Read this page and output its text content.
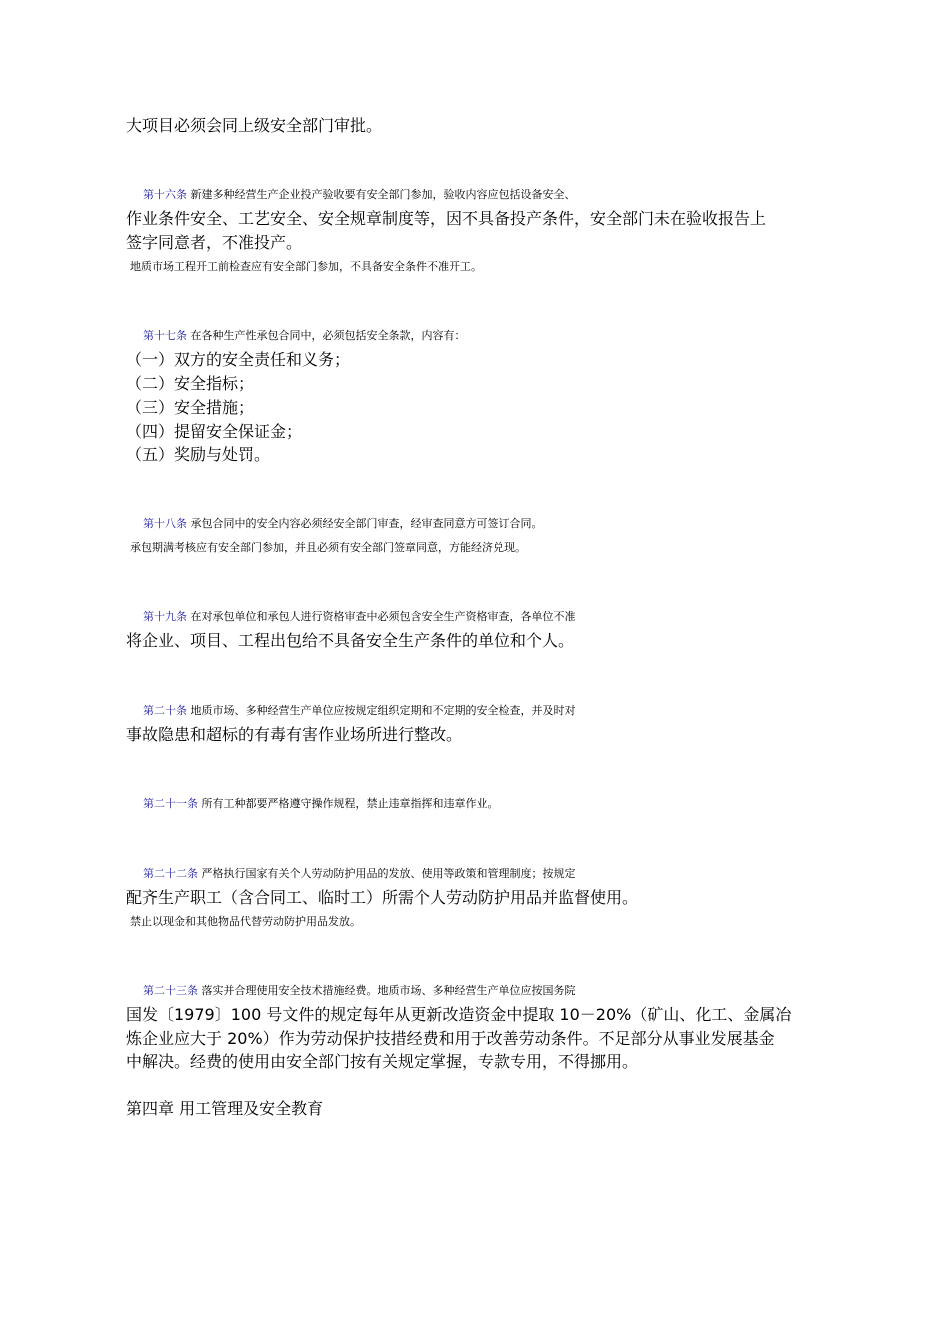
大项目必须会同上级安全部门审批。
第十六条 新建多种经营生产企业投产验收要有安全部门参加，验收内容应包括设备安全、
作业条件安全、工艺安全、安全规章制度等，因不具备投产条件，安全部门未在验收报告上
签字同意者，不准投产。
地质市场工程开工前检查应有安全部门参加，不具备安全条件不准开工。
第十七条 在各种生产性承包合同中，必须包括安全条款，内容有：
（一）双方的安全责任和义务；
（二）安全指标；
（三）安全措施；
（四）提留安全保证金；
（五）奖励与处罚。
第十八条 承包合同中的安全内容必须经安全部门审查，经审查同意方可签订合同。
承包期满考核应有安全部门参加，并且必须有安全部门签章同意，方能经济兑现。
第十九条 在对承包单位和承包人进行资格审查中必须包含安全生产资格审查，各单位不准
将企业、项目、工程出包给不具备安全生产条件的单位和个人。
第二十条 地质市场、多种经营生产单位应按规定组织定期和不定期的安全检查，并及时对
事故隐患和超标的有毒有害作业场所进行整改。
第二十一条 所有工种都要严格遵守操作规程，禁止违章指挥和违章作业。
第二十二条 严格执行国家有关个人劳动防护用品的发放、使用等政策和管理制度；按规定
配齐生产职工（含合同工、临时工）所需个人劳动防护用品并监督使用。
禁止以现金和其他物品代替劳动防护用品发放。
第二十三条 落实并合理使用安全技术措施经费。地质市场、多种经营生产单位应按国务院
国发〔1979〕100 号文件的规定每年从更新改造资金中提取 10－20%（矿山、化工、金属冶
炼企业应大于 20%）作为劳动保护技措经费和用于改善劳动条件。不足部分从事业发展基金
中解决。经费的使用由安全部门按有关规定掌握，专款专用，不得挪用。
第四章 用工管理及安全教育
